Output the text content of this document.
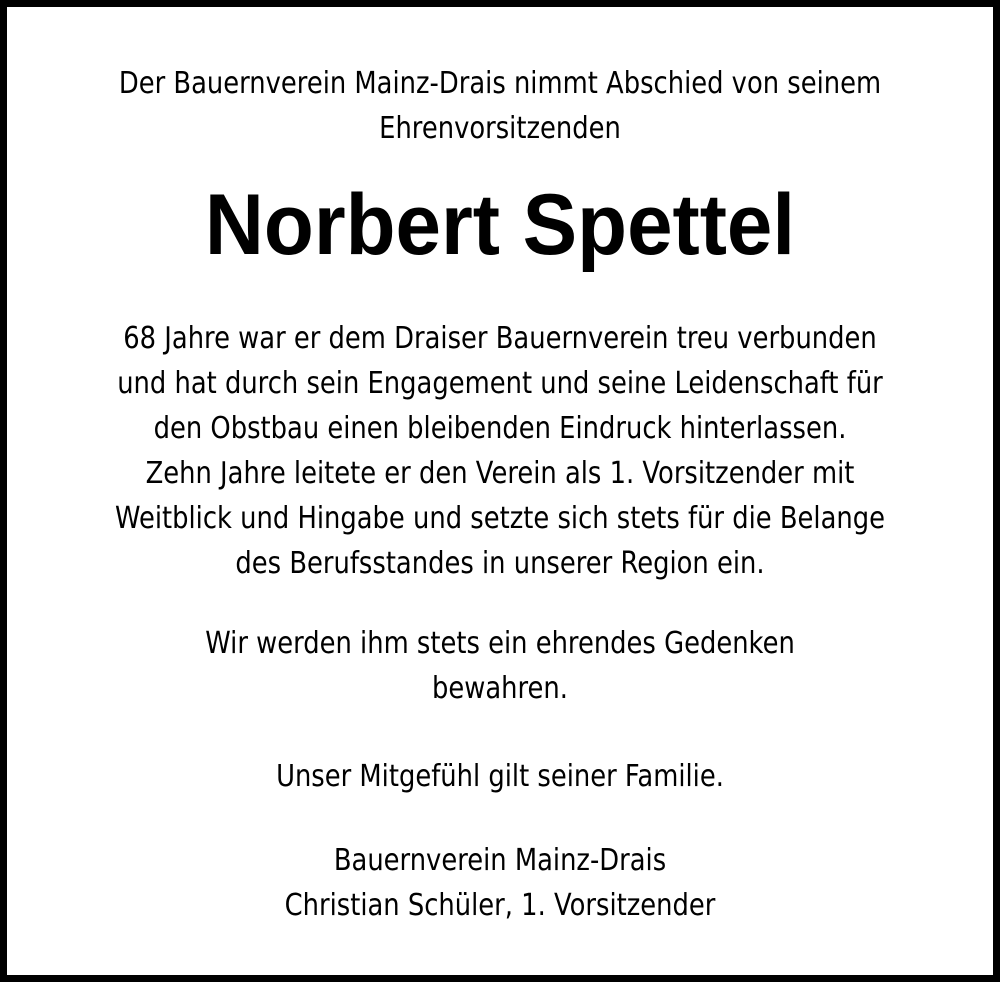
Der Bauernverein Mainz-Drais nimmt Abschied von seinem

Ehrenvorsitzenden

Norbert Spettel

68 Jahre war er dem Draiser Bauernverein treu verbunden

und hat durch sein Engagement und seine Leidenschaft für

den Obstbau einen bleibenden Eindruck hinterlassen.

Zehn Jahre leitete er den Verein als 1. Vorsitzender mit

Weitblick und Hingabe und setzte sich stets für die Belange

des Berufsstandes in unserer Region ein.

Wir werden ihm stets ein ehrendes Gedenken

bewahren.

Unser Mitgefühl gilt seiner Familie.

Bauernverein Mainz-Drais

Christian Schüler, 1. Vorsitzender
